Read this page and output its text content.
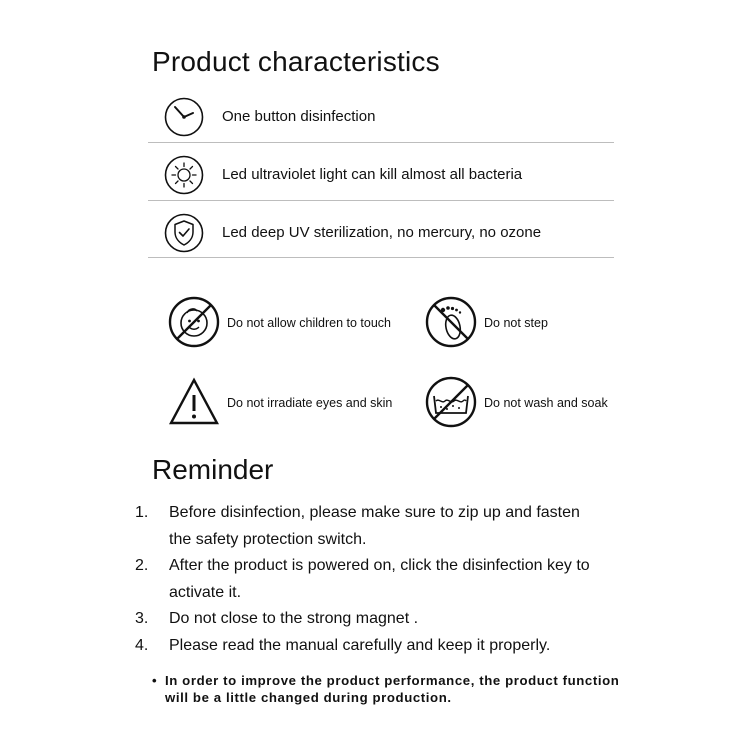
Product characteristics
One button disinfection
Led ultraviolet light can kill almost all bacteria
Led deep UV sterilization, no mercury, no ozone
Do not allow children to touch	Do not step
Do not irradiate eyes and skin	Do not wash and soak
Reminder
1. Before disinfection, please make sure to zip up and fasten the safety protection switch.
2. After the product is powered on, click the disinfection key to activate it.
3. Do not close to the strong magnet .
4. Please read the manual carefully and keep it properly.
• In order to improve the product performance, the product function will be a little changed during production.
